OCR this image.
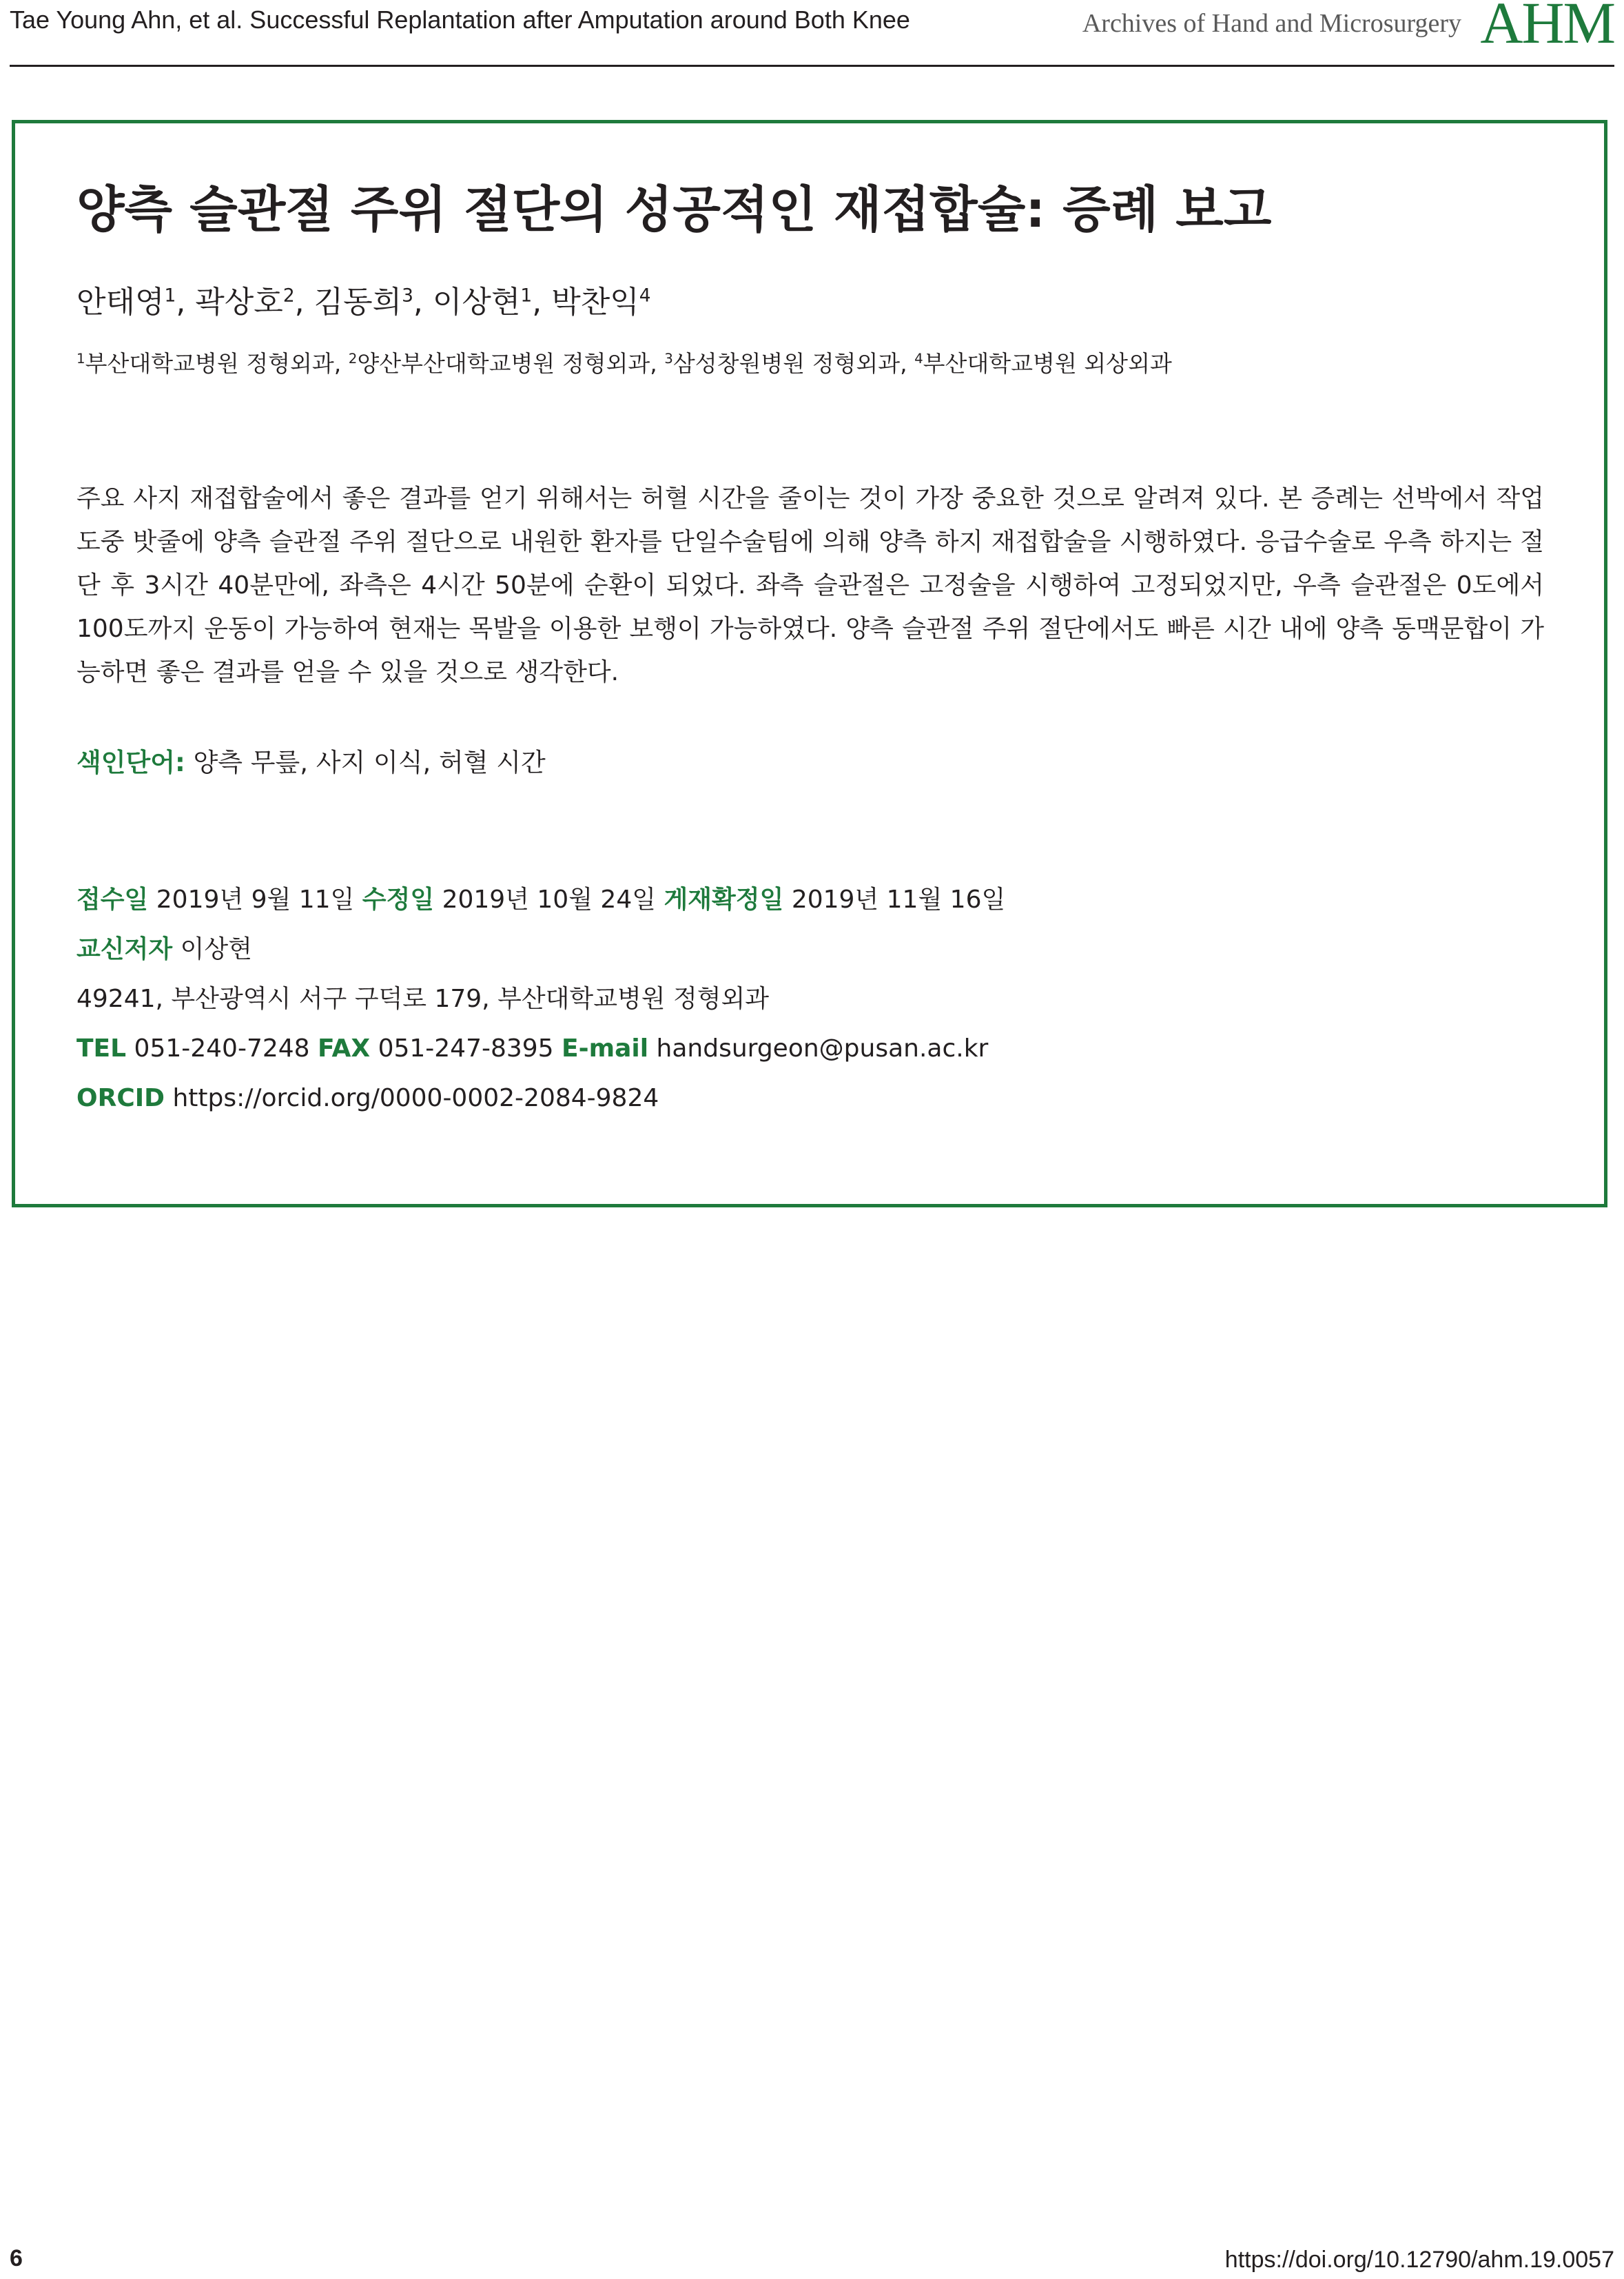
Tae Young Ahn, et al. Successful Replantation after Amputation around Both Knee	Archives of Hand and Microsurgery AHM
양측 슬관절 주위 절단의 성공적인 재접합술: 증례 보고
안태영$^1$, 곽상호$^2$, 김동희$^3$, 이상현$^1$, 박찬익$^4$
$^1$부산대학교병원 정형외과, $^2$양산부산대학교병원 정형외과, $^3$삼성창원병원 정형외과, $^4$부산대학교병원 외상외과
주요 사지 재접합술에서 좋은 결과를 얻기 위해서는 허혈 시간을 줄이는 것이 가장 중요한 것으로 알려져 있다. 본 증례는 선박에서 작업 도중 밧줄에 양측 슬관절 주위 절단으로 내원한 환자를 단일수술팀에 의해 양측 하지 재접합술을 시행하였다. 응급수술로 우측 하지는 절단 후 3시간 40분만에, 좌측은 4시간 50분에 순환이 되었다. 좌측 슬관절은 고정술을 시행하여 고정되었지만, 우측 슬관절은 0도에서 100도까지 운동이 가능하여 현재는 목발을 이용한 보행이 가능하였다. 양측 슬관절 주위 절단에서도 빠른 시간 내에 양측 동맥문합이 가능하면 좋은 결과를 얻을 수 있을 것으로 생각한다.
색인단어: 양측 무릎, 사지 이식, 허혈 시간
접수일 2019년 9월 11일 수정일 2019년 10월 24일 게재확정일 2019년 11월 16일
교신저자 이상현
49241, 부산광역시 서구 구덕로 179, 부산대학교병원 정형외과
TEL 051-240-7248 FAX 051-247-8395 E-mail handsurgeon@pusan.ac.kr
ORCID https://orcid.org/0000-0002-2084-9824
6	https://doi.org/10.12790/ahm.19.0057
